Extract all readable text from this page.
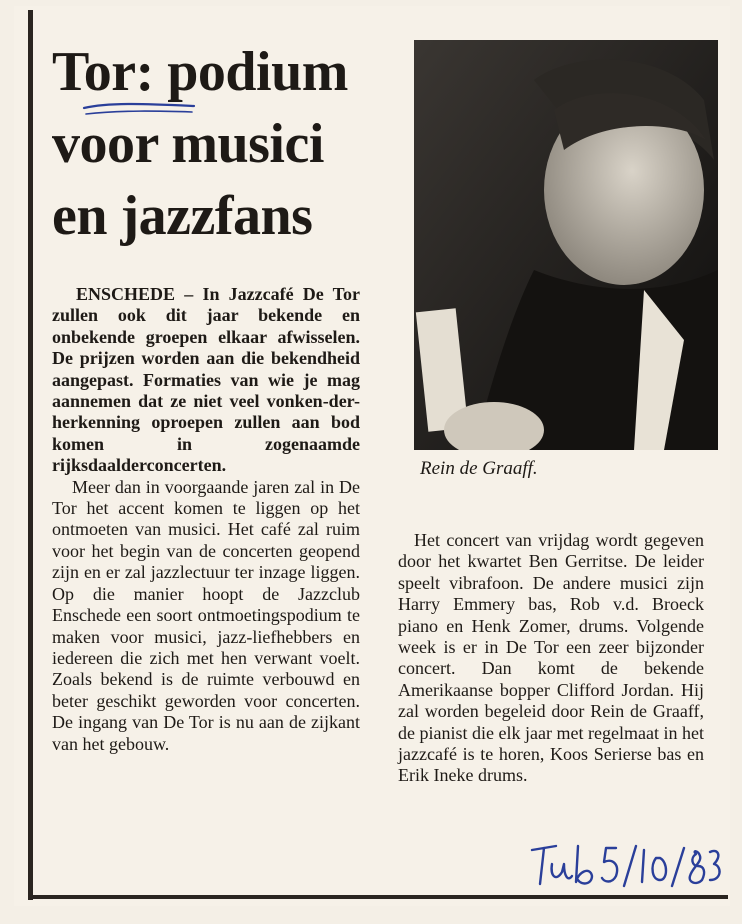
Tor: podium
voor musici
en jazzfans

Rein de Graaff.

ENSCHEDE – In Jazzcafé De Tor zullen ook dit jaar bekende en onbekende groepen elkaar afwisselen. De prijzen worden aan die bekendheid aangepast. Formaties van wie je mag aannemen dat ze niet veel vonken-der-herkenning oproepen zullen aan bod komen in zogenaamde rijksdaalderconcerten.

Meer dan in voorgaande jaren zal in De Tor het accent komen te liggen op het ontmoeten van musici. Het café zal ruim voor het begin van de concerten geopend zijn en er zal jazzlectuur ter inzage liggen. Op die manier hoopt de Jazzclub Enschede een soort ontmoetingspodium te maken voor musici, jazz-liefhebbers en iedereen die zich met hen verwant voelt. Zoals bekend is de ruimte verbouwd en beter geschikt geworden voor concerten. De ingang van De Tor is nu aan de zijkant van het gebouw.

Het concert van vrijdag wordt gegeven door het kwartet Ben Gerritse. De leider speelt vibrafoon. De andere musici zijn Harry Emmery bas, Rob v.d. Broeck piano en Henk Zomer, drums. Volgende week is er in De Tor een zeer bijzonder concert. Dan komt de bekende Amerikaanse bopper Clifford Jordan. Hij zal worden begeleid door Rein de Graaff, de pianist die elk jaar met regelmaat in het jazzcafé is te horen, Koos Serierse bas en Erik Ineke drums.
